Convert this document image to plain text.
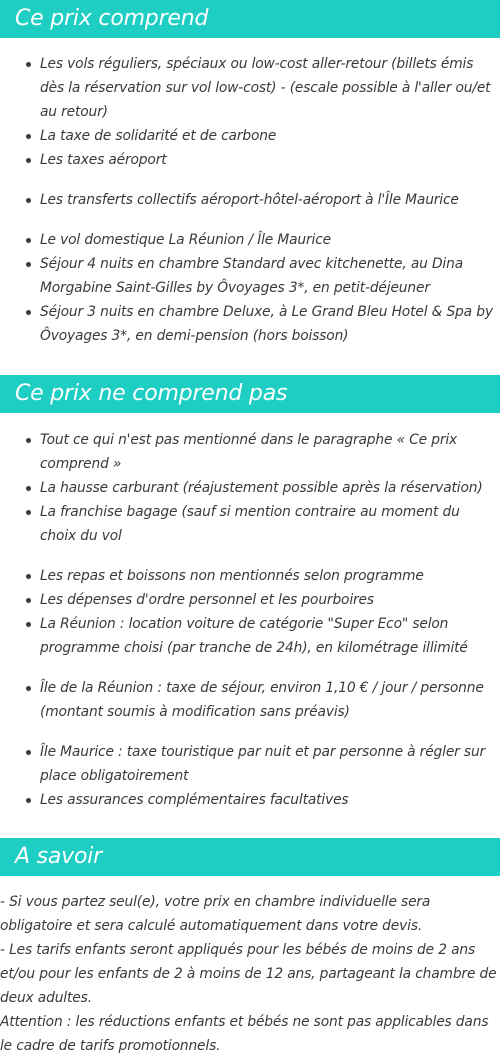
Ce prix comprend
Les vols réguliers, spéciaux ou low-cost aller-retour (billets émis dès la réservation sur vol low-cost) - (escale possible à l'aller ou/et au retour)
La taxe de solidarité et de carbone
Les taxes aéroport
Les transferts collectifs aéroport-hôtel-aéroport à l'Île Maurice
Le vol domestique La Réunion / Île Maurice
Séjour 4 nuits en chambre Standard avec kitchenette, au Dina Morgabine Saint-Gilles by Ôvoyages 3*, en petit-déjeuner
Séjour 3 nuits en chambre Deluxe, à Le Grand Bleu Hotel & Spa by Ôvoyages 3*, en demi-pension (hors boisson)
Ce prix ne comprend pas
Tout ce qui n'est pas mentionné dans le paragraphe « Ce prix comprend »
La hausse carburant (réajustement possible après la réservation)
La franchise bagage (sauf si mention contraire au moment du choix du vol
Les repas et boissons non mentionnés selon programme
Les dépenses d'ordre personnel et les pourboires
La Réunion : location voiture de catégorie "Super Eco" selon programme choisi (par tranche de 24h), en kilométrage illimité
Île de la Réunion : taxe de séjour, environ 1,10 € / jour / personne (montant soumis à modification sans préavis)
Île Maurice : taxe touristique par nuit et par personne à régler sur place obligatoirement
Les assurances complémentaires facultatives
A savoir

- Si vous partez seul(e), votre prix en chambre individuelle sera obligatoire et sera calculé automatiquement dans votre devis.

- Les tarifs enfants seront appliqués pour les bébés de moins de 2 ans et/ou pour les enfants de 2 à moins de 12 ans, partageant la chambre de deux adultes.

Attention : les réductions enfants et bébés ne sont pas applicables dans le cadre de tarifs promotionnels.
